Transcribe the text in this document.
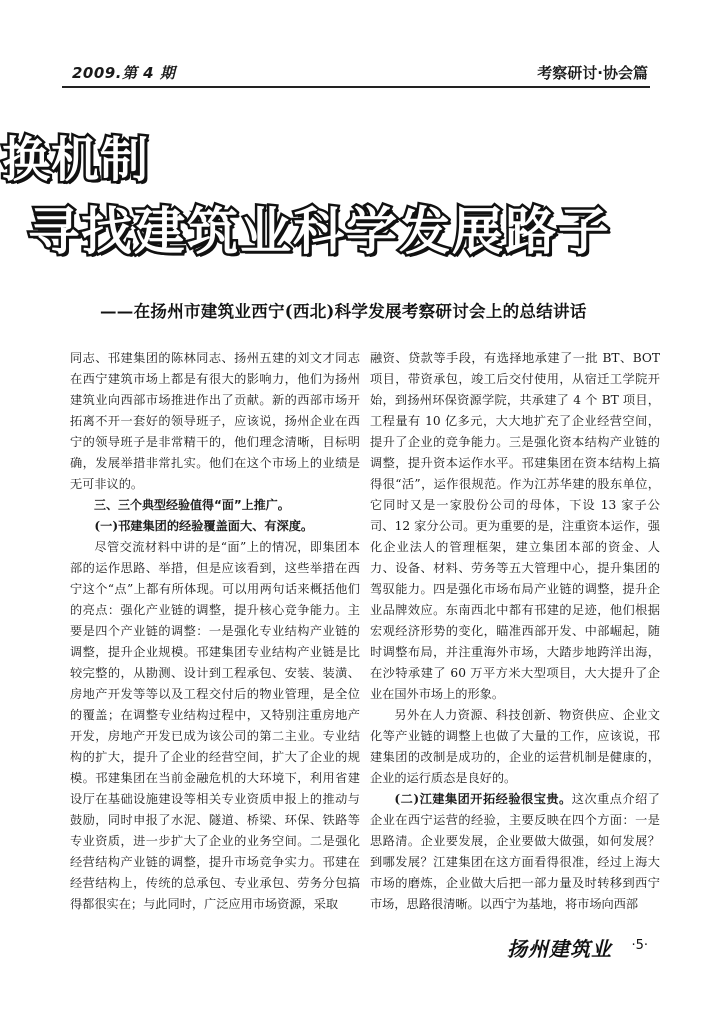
2009.第 4 期	考察研讨·协会篇
换机制
寻找建筑业科学发展路子
——在扬州市建筑业西宁(西北)科学发展考察研讨会上的总结讲话

同志、邗建集团的陈林同志、扬州五建的刘文才同志在西宁建筑市场上都是有很大的影响力，他们为扬州建筑业向西部市场推进作出了贡献。新的西部市场开拓离不开一套好的领导班子，应该说，扬州企业在西宁的领导班子是非常精干的，他们理念清晰，目标明确，发展举措非常扎实。他们在这个市场上的业绩是无可非议的。

三、三个典型经验值得“面”上推广。

(一)邗建集团的经验覆盖面大、有深度。

尽管交流材料中讲的是“面”上的情况，即集团本部的运作思路、举措，但是应该看到，这些举措在西宁这个“点”上都有所体现。可以用两句话来概括他们的亮点：强化产业链的调整，提升核心竞争能力。主要是四个产业链的调整：一是强化专业结构产业链的调整，提升企业规模。邗建集团专业结构产业链是比较完整的，从勘测、设计到工程承包、安装、装潢、房地产开发等等以及工程交付后的物业管理，是全位的覆盖；在调整专业结构过程中，又特别注重房地产开发，房地产开发已成为该公司的第二主业。专业结构的扩大，提升了企业的经营空间，扩大了企业的规模。邗建集团在当前金融危机的大环境下，利用省建设厅在基础设施建设等相关专业资质申报上的推动与鼓励，同时申报了水泥、隧道、桥梁、环保、铁路等专业资质，进一步扩大了企业的业务空间。二是强化经营结构产业链的调整，提升市场竞争实力。邗建在经营结构上，传统的总承包、专业承包、劳务分包搞得都很实在；与此同时，广泛应用市场资源，采取

融资、贷款等手段，有选择地承建了一批 BT、BOT 项目，带资承包，竣工后交付使用，从宿迁工学院开始，到扬州环保资源学院，共承建了 4 个 BT 项目，工程量有 10 亿多元，大大地扩充了企业经营空间，提升了企业的竞争能力。三是强化资本结构产业链的调整，提升资本运作水平。邗建集团在资本结构上搞得很“活”，运作很规范。作为江苏华建的股东单位，它同时又是一家股份公司的母体，下设 13 家子公司、12 家分公司。更为重要的是，注重资本运作，强化企业法人的管理框架，建立集团本部的资金、人力、设备、材料、劳务等五大管理中心，提升集团的驾驭能力。四是强化市场布局产业链的调整，提升企业品牌效应。东南西北中都有邗建的足迹，他们根据宏观经济形势的变化，瞄准西部开发、中部崛起，随时调整布局，并注重海外市场，大踏步地跨洋出海，在沙特承建了 60 万平方米大型项目，大大提升了企业在国外市场上的形象。

另外在人力资源、科技创新、物资供应、企业文化等产业链的调整上也做了大量的工作，应该说，邗建集团的改制是成功的，企业的运营机制是健康的，企业的运行质态是良好的。

(二)江建集团开拓经验很宝贵。这次重点介绍了企业在西宁运营的经验，主要反映在四个方面：一是思路清。企业要发展，企业要做大做强，如何发展？到哪发展？江建集团在这方面看得很准，经过上海大市场的磨炼，企业做大后把一部力量及时转移到西宁市场，思路很清晰。以西宁为基地，将市场向西部

扬州建筑业 ·5·
